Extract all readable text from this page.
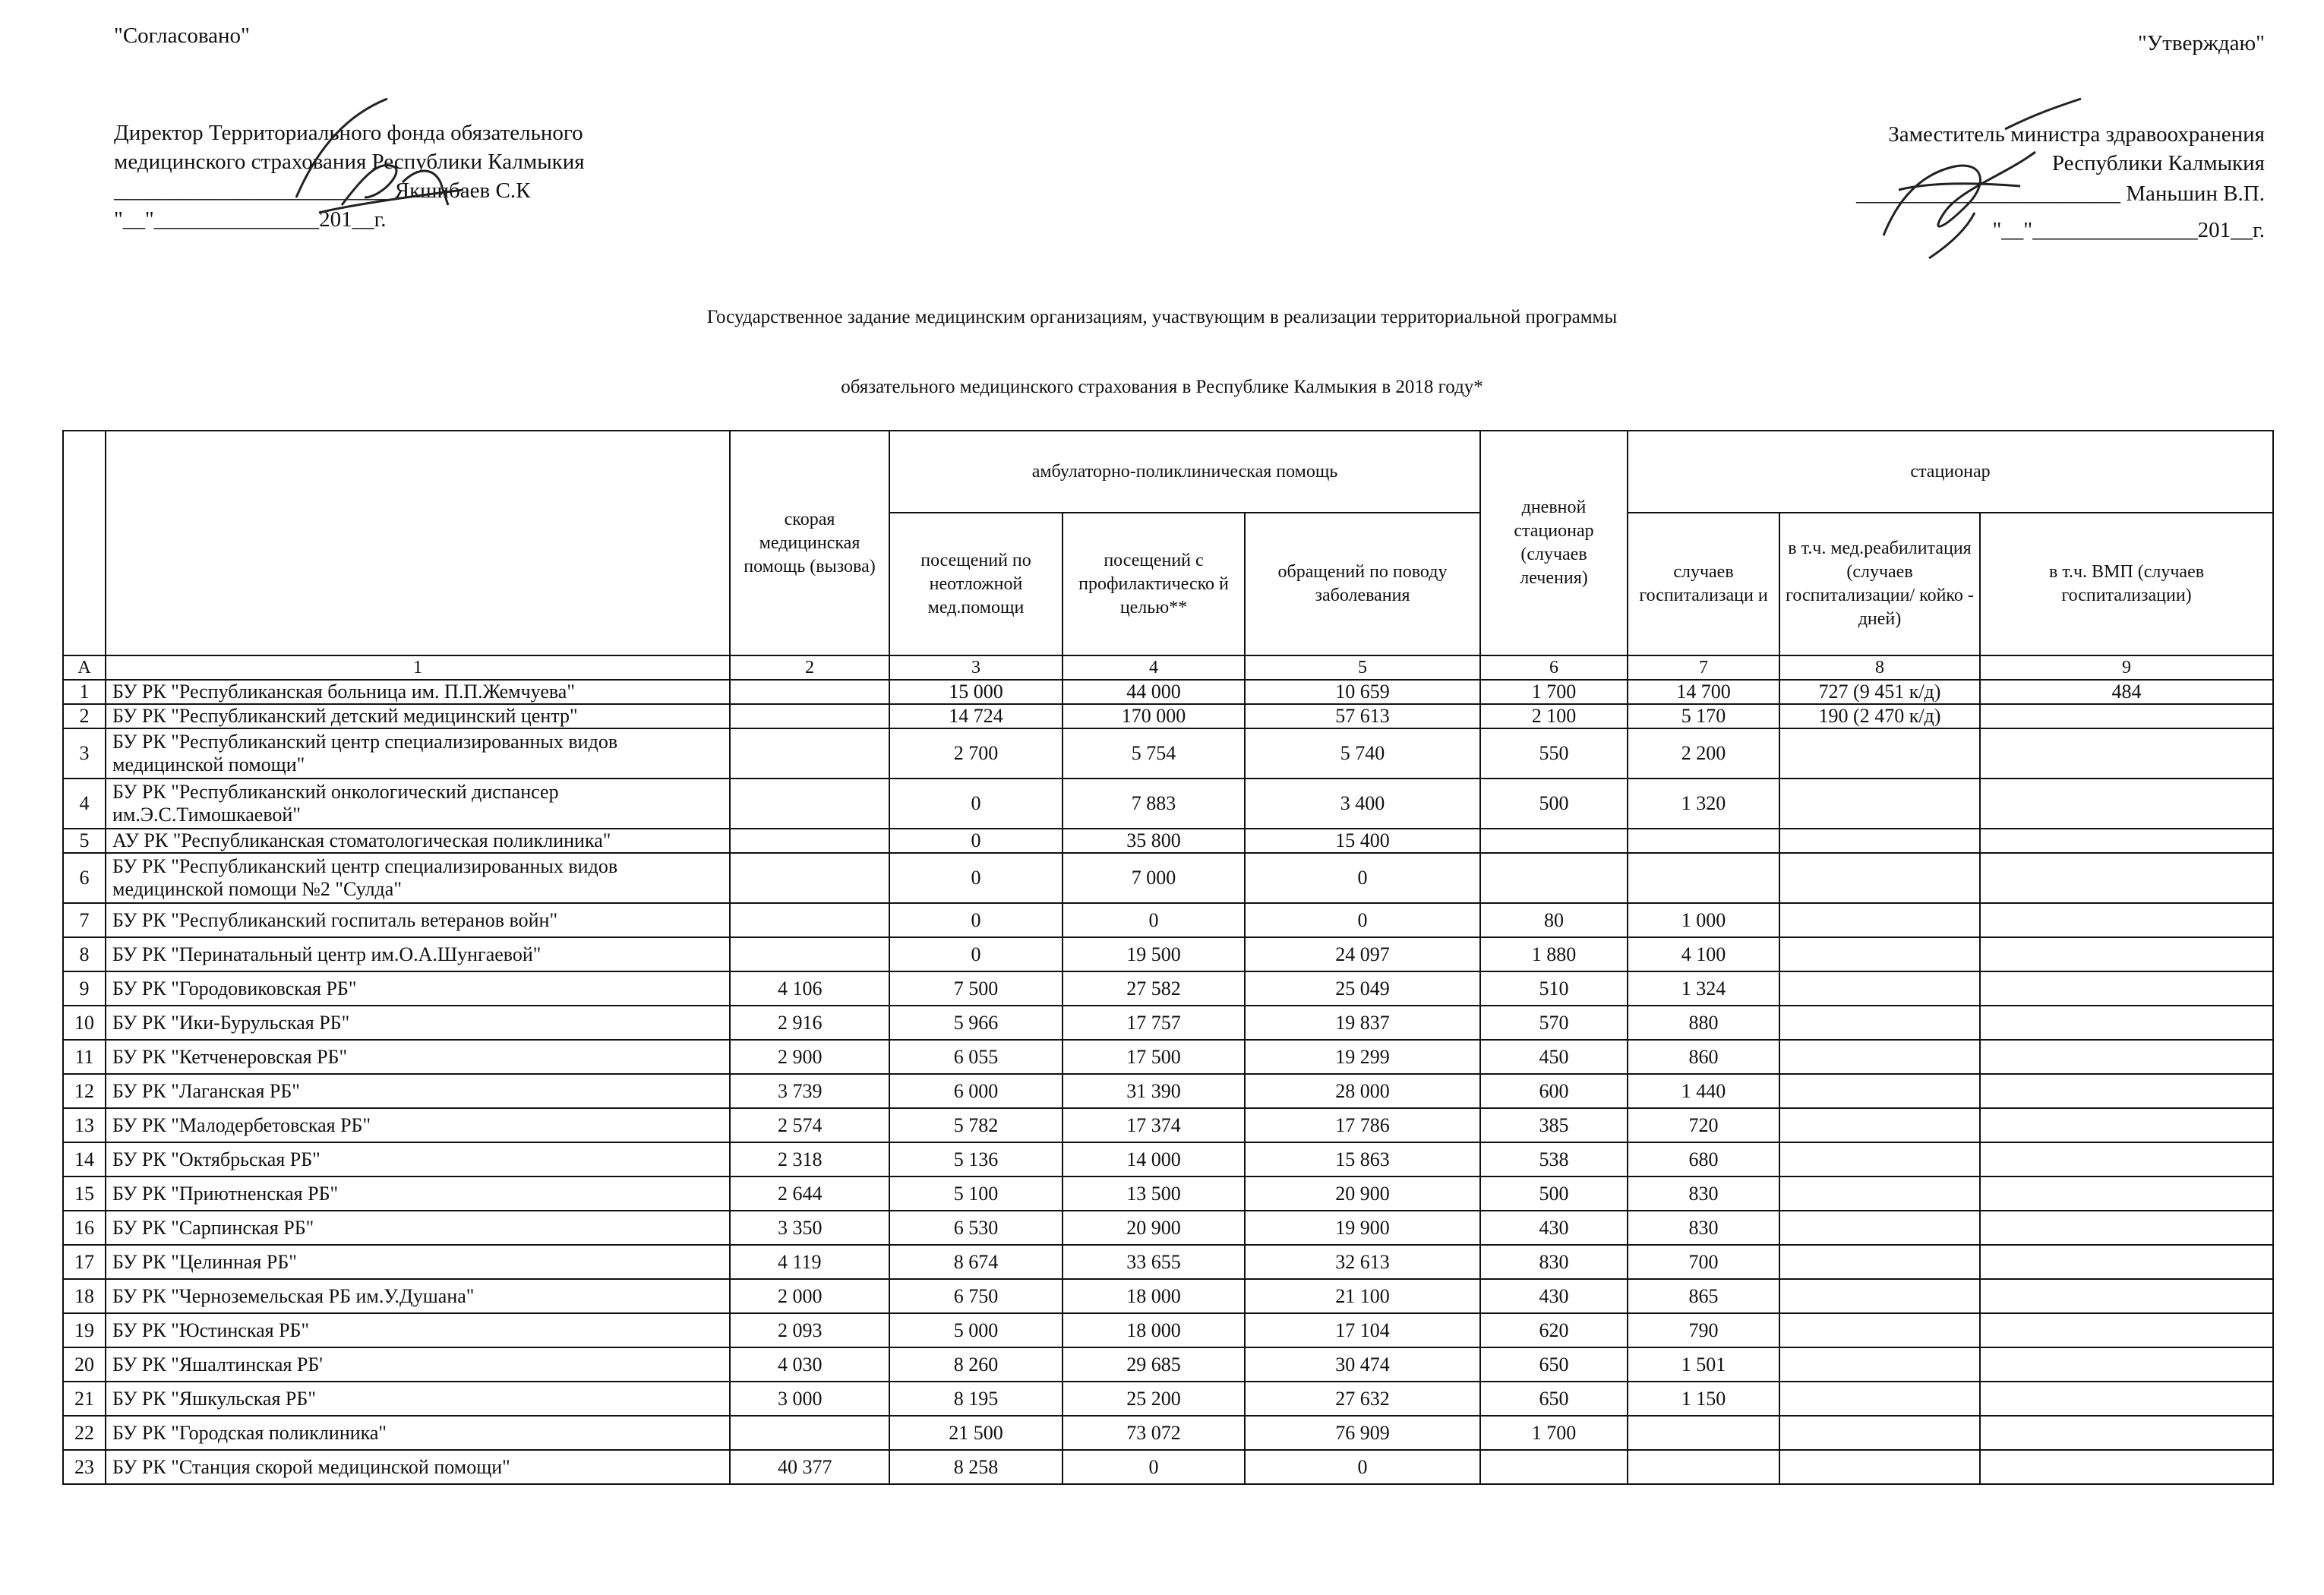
"Согласовано"
Директор Территориального фонда обязательного
медицинского страхования Республики Калмыкия
_________________________ Якшибаев С.К
"__"_______________201__г.
"Утверждаю"
Заместитель министра здравоохранения
Республики Калмыкия
________________________ Маньшин В.П.
"__"_______________201__г.
Государственное задание медицинским организациям, участвующим в реализации территориальной программы
обязательного медицинского страхования в Республике Калмыкия в 2018 году*
		скорая медицинская помощь (вызова)	амбулаторно-поликлиническая помощь			дневной стационар (случаев лечения)	стационар		
			посещений по неотложной мед.помощи	посещений с профилактическо й целью**	обращений по поводу заболевания		случаев госпитализаци и	в т.ч. мед.реабилитация (случаев госпитализации/ койко - дней)	в т.ч. ВМП (случаев госпитализации)
А	1	2	3	4	5	6	7	8	9
1	БУ РК "Республиканская больница им. П.П.Жемчуева"		15 000	44 000	10 659	1 700	14 700	727 (9 451 к/д)	484
2	БУ РК "Республиканский детский медицинский центр"		14 724	170 000	57 613	2 100	5 170	190 (2 470 к/д)	
3	БУ РК "Республиканский центр специализированных видов медицинской помощи"		2 700	5 754	5 740	550	2 200		
4	БУ РК "Республиканский онкологический диспансер им.Э.С.Тимошкаевой"		0	7 883	3 400	500	1 320		
5	АУ РК "Республиканская стоматологическая поликлиника"		0	35 800	15 400				
6	БУ РК "Республиканский центр специализированных видов медицинской помощи №2 "Сулда"		0	7 000	0				
7	БУ РК "Республиканский госпиталь ветеранов войн"		0	0	0	80	1 000		
8	БУ РК "Перинатальный центр им.О.А.Шунгаевой"		0	19 500	24 097	1 880	4 100		
9	БУ РК "Городовиковская РБ"	4 106	7 500	27 582	25 049	510	1 324		
10	БУ РК "Ики-Бурульская РБ"	2 916	5 966	17 757	19 837	570	880		
11	БУ РК "Кетченеровская РБ"	2 900	6 055	17 500	19 299	450	860		
12	БУ РК "Лаганская РБ"	3 739	6 000	31 390	28 000	600	1 440		
13	БУ РК "Малодербетовская РБ"	2 574	5 782	17 374	17 786	385	720		
14	БУ РК "Октябрьская РБ"	2 318	5 136	14 000	15 863	538	680		
15	БУ РК "Приютненская РБ"	2 644	5 100	13 500	20 900	500	830		
16	БУ РК "Сарпинская РБ"	3 350	6 530	20 900	19 900	430	830		
17	БУ РК "Целинная РБ"	4 119	8 674	33 655	32 613	830	700		
18	БУ РК "Черноземельская РБ им.У.Душана"	2 000	6 750	18 000	21 100	430	865		
19	БУ РК "Юстинская РБ"	2 093	5 000	18 000	17 104	620	790		
20	БУ РК "Яшалтинская РБ'	4 030	8 260	29 685	30 474	650	1 501		
21	БУ РК "Яшкульская РБ"	3 000	8 195	25 200	27 632	650	1 150		
22	БУ РК "Городская поликлиника"		21 500	73 072	76 909	1 700			
23	БУ РК "Станция скорой медицинской помощи"	40 377	8 258	0	0				
